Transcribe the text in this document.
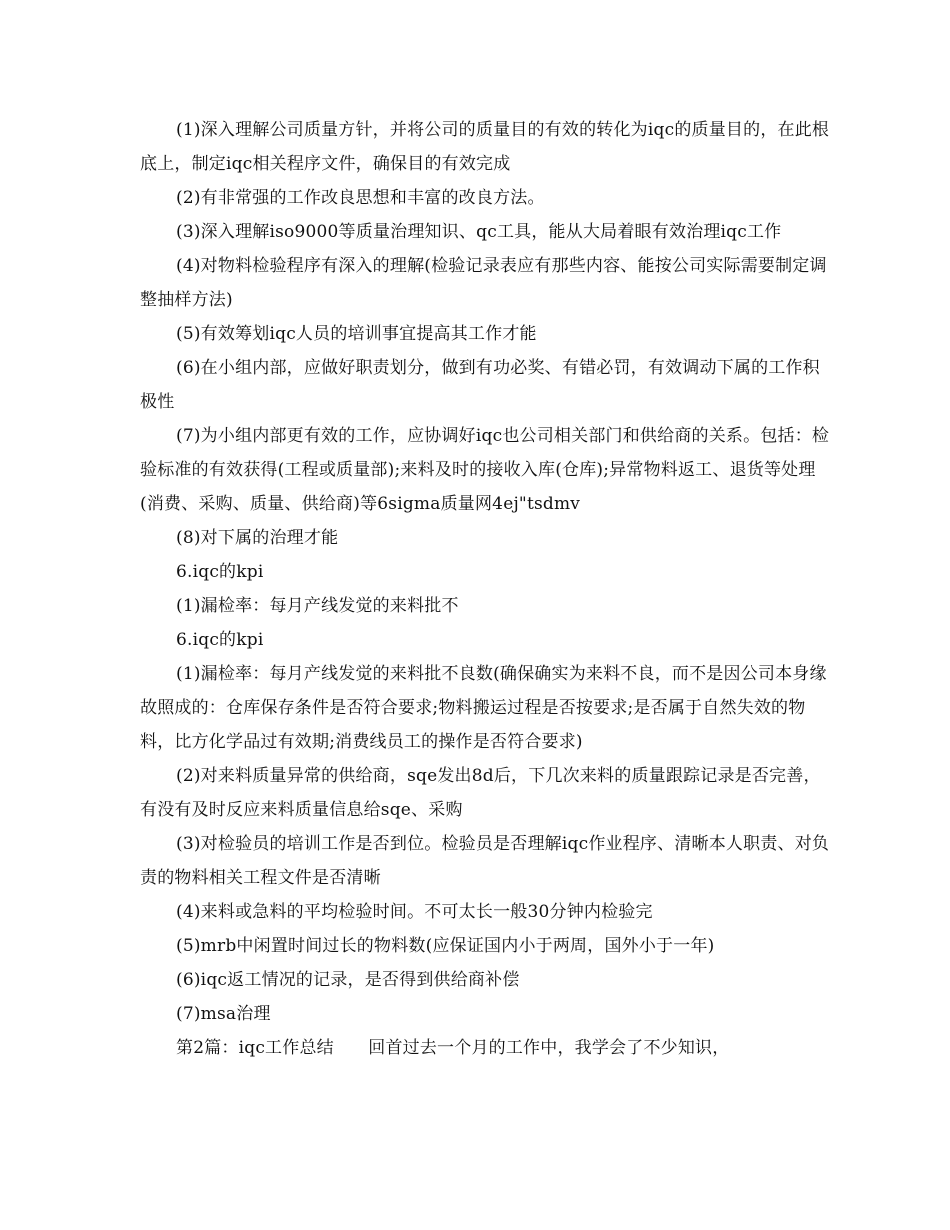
(1)深入理解公司质量方针，并将公司的质量目的有效的转化为iqc的质量目的，在此根底上，制定iqc相关程序文件，确保目的有效完成

(2)有非常强的工作改良思想和丰富的改良方法。

(3)深入理解iso9000等质量治理知识、qc工具，能从大局着眼有效治理iqc工作

(4)对物料检验程序有深入的理解(检验记录表应有那些内容、能按公司实际需要制定调整抽样方法)

(5)有效筹划iqc人员的培训事宜提高其工作才能

(6)在小组内部，应做好职责划分，做到有功必奖、有错必罚，有效调动下属的工作积极性

(7)为小组内部更有效的工作，应协调好iqc也公司相关部门和供给商的关系。包括：检验标准的有效获得(工程或质量部);来料及时的接收入库(仓库);异常物料返工、退货等处理(消费、采购、质量、供给商)等6sigma质量网4ej"tsdmv

(8)对下属的治理才能

6.iqc的kpi

(1)漏检率：每月产线发觉的来料批不

6.iqc的kpi

(1)漏检率：每月产线发觉的来料批不良数(确保确实为来料不良，而不是因公司本身缘故照成的：仓库保存条件是否符合要求;物料搬运过程是否按要求;是否属于自然失效的物料，比方化学品过有效期;消费线员工的操作是否符合要求)

(2)对来料质量异常的供给商，sqe发出8d后，下几次来料的质量跟踪记录是否完善，有没有及时反应来料质量信息给sqe、采购

(3)对检验员的培训工作是否到位。检验员是否理解iqc作业程序、清晰本人职责、对负责的物料相关工程文件是否清晰

(4)来料或急料的平均检验时间。不可太长一般30分钟内检验完

(5)mrb中闲置时间过长的物料数(应保证国内小于两周，国外小于一年)

(6)iqc返工情况的记录，是否得到供给商补偿

(7)msa治理

第2篇：iqc工作总结　　回首过去一个月的工作中，我学会了不少知识，
